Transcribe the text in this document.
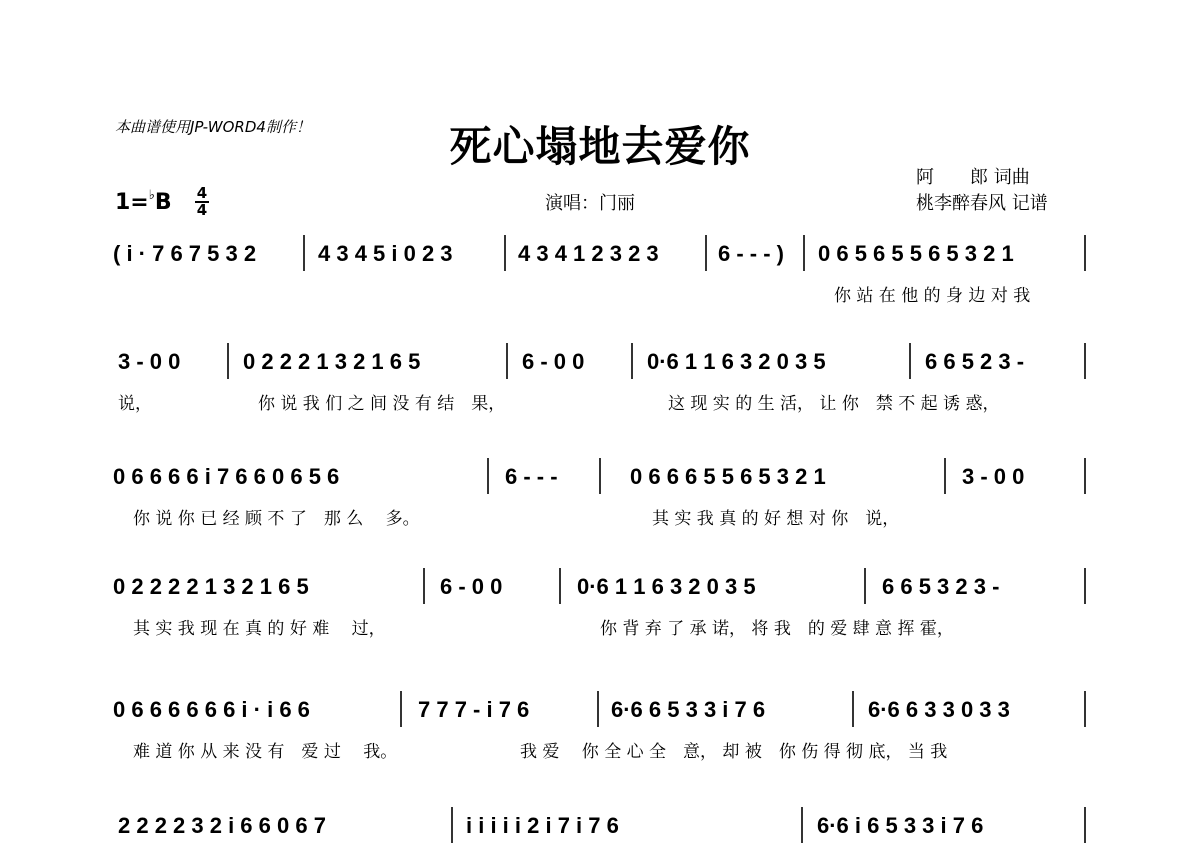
本曲谱使用JP-WORD4制作！	死心塌地去爱你
阿　　郎 词曲
桃李醉春风 记谱
演唱：门丽
1=♭B 4
4
( i · 7 6 7 5 3 2	4 3 4 5 i 0 2 3	4 3 4 1 2 3 2 3	6 - - - ) 0 6 5 6 5 5 6 5 3 2 1
你 站 在 他 的 身 边 对 我
3 - 0 0	0 2 2 2 1 3 2 1 6 5	6 - 0 0	0·6 1 1 6 3 2 0 3 5	6 6 5 2 3 -
说，	你 说 我 们 之 间 没 有 结　果，	这 现 实 的 生 活， 让 你　禁 不 起 诱 惑，
0 6 6 6 6 i 7 6 6 0 6 5 6	6 - - -	0 6 6 6 5 5 6 5 3 2 1	3 - 0 0
你 说 你 已 经 顾 不 了　那 么　 多。	其 实 我 真 的 好 想 对 你　说，
0 2 2 2 2 1 3 2 1 6 5	6 - 0 0	0·6 1 1 6 3 2 0 3 5	6 6 5 3 2 3 -
其 实 我 现 在 真 的 好 难　 过，	你 背 弃 了 承 诺， 将 我　的 爱 肆 意 挥 霍，
0 6 6 6 6 6 6 i · i 6 6	7 7 7 - i 7 6	6·6 6 5 3 3 i 7 6	6·6 6 3 3 0 3 3
难 道 你 从 来 没 有　爱 过　 我。	我 爱　 你 全 心 全　意， 却 被　你 伤 得 彻 底， 当 我
2 2 2 2 3 2 i 6 6 0 6 7	i i i i i 2 i 7 i 7 6	6·6 i 6 5 3 3 i 7 6
